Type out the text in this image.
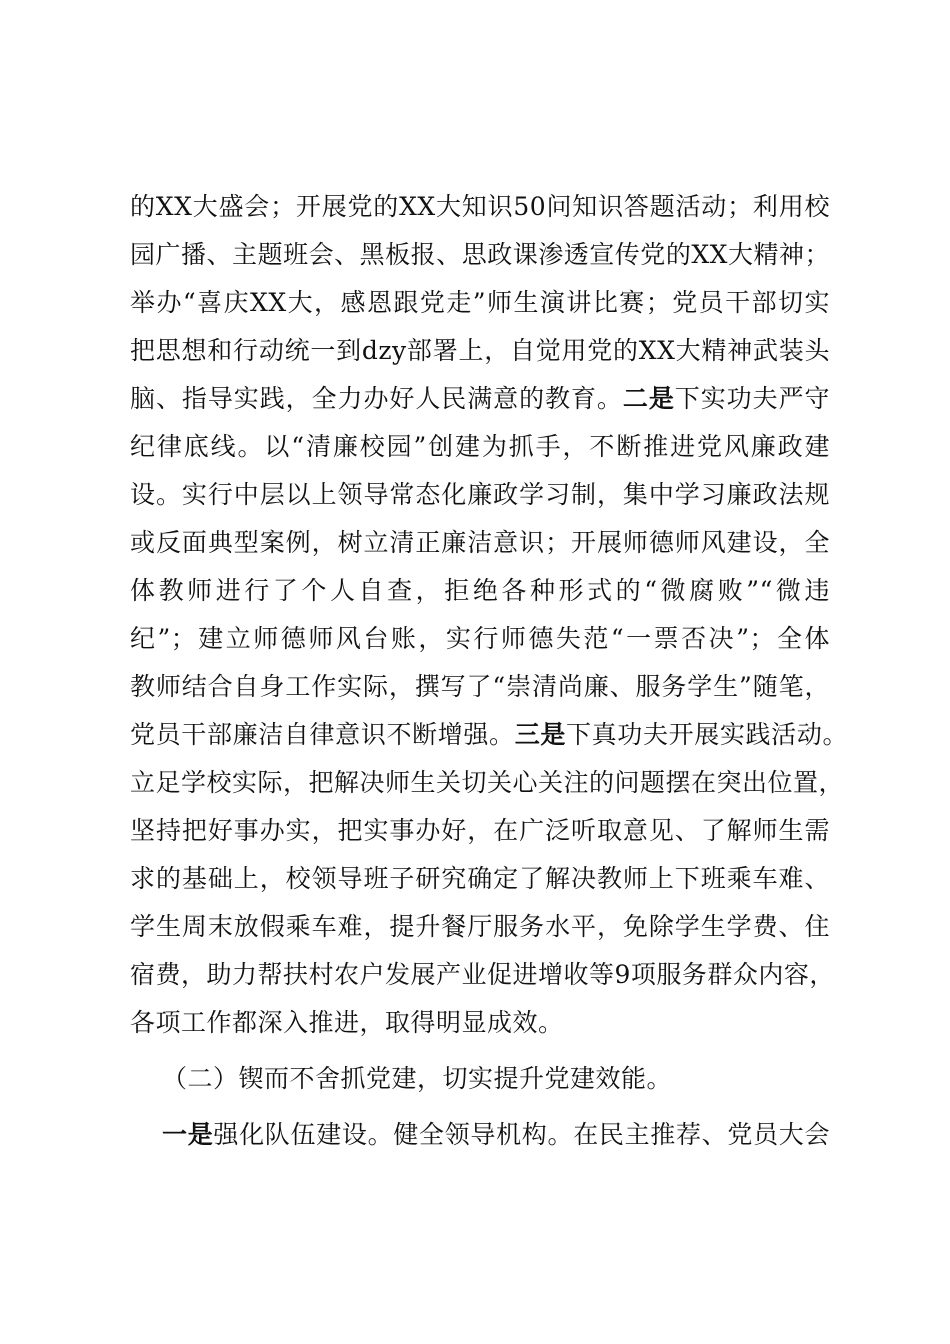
的XX大盛会；开展党的XX大知识50问知识答题活动；利用校
园广播、主题班会、黑板报、思政课渗透宣传党的XX大精神；
举办“喜庆XX大，感恩跟党走”师生演讲比赛；党员干部切实
把思想和行动统一到dzy部署上，自觉用党的XX大精神武装头
脑、指导实践，全力办好人民满意的教育。二是下实功夫严守
纪律底线。以“清廉校园”创建为抓手，不断推进党风廉政建
设。实行中层以上领导常态化廉政学习制，集中学习廉政法规
或反面典型案例，树立清正廉洁意识；开展师德师风建设，全
体教师进行了个人自查，拒绝各种形式的“微腐败”“微违
纪”；建立师德师风台账，实行师德失范“一票否决”；全体
教师结合自身工作实际，撰写了“崇清尚廉、服务学生”随笔，
党员干部廉洁自律意识不断增强。三是下真功夫开展实践活动。
立足学校实际，把解决师生关切关心关注的问题摆在突出位置，
坚持把好事办实，把实事办好，在广泛听取意见、了解师生需
求的基础上，校领导班子研究确定了解决教师上下班乘车难、
学生周末放假乘车难，提升餐厅服务水平，免除学生学费、住
宿费，助力帮扶村农户发展产业促进增收等9项服务群众内容，
各项工作都深入推进，取得明显成效。
（二）锲而不舍抓党建，切实提升党建效能。
一是强化队伍建设。健全领导机构。在民主推荐、党员大会
